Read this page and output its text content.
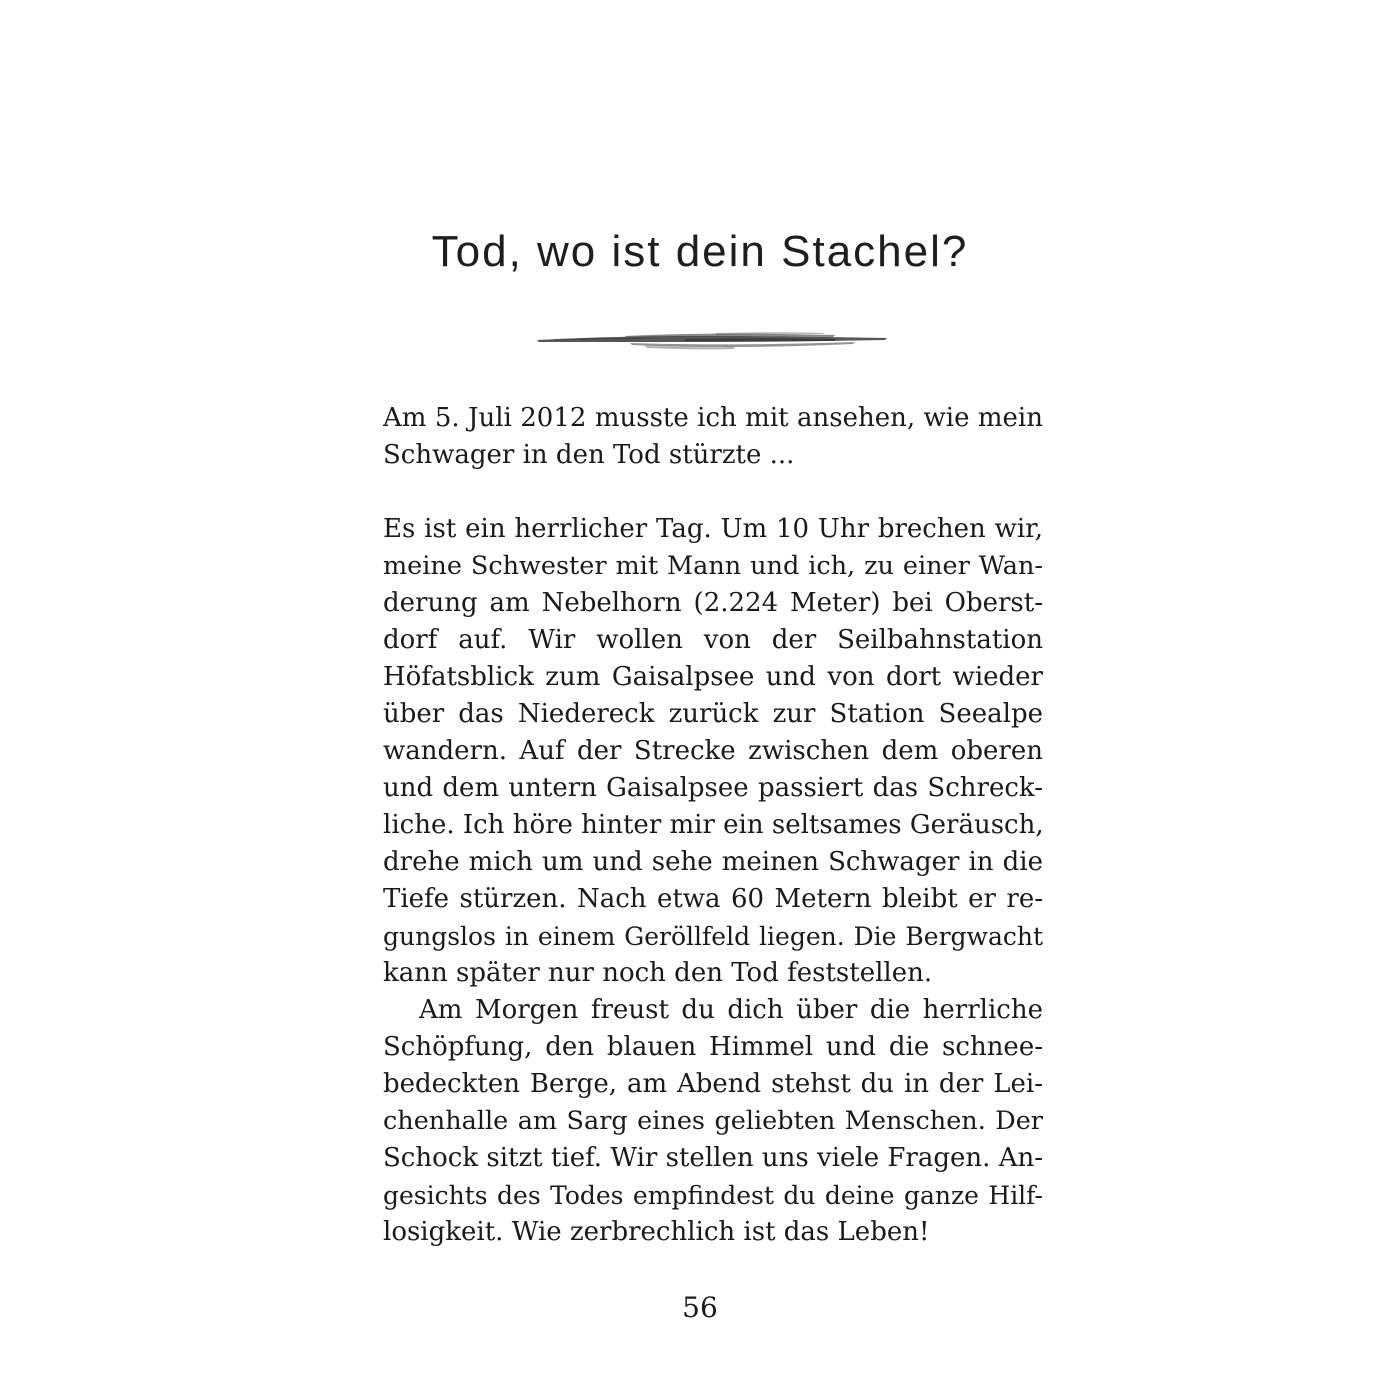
Tod, wo ist dein Stachel?
Am 5. Juli 2012 musste ich mit ansehen, wie mein
Schwager in den Tod stürzte ...
Es ist ein herrlicher Tag. Um 10 Uhr brechen wir,
meine Schwester mit Mann und ich, zu einer Wan-
derung am Nebelhorn (2.224 Meter) bei Oberst-
dorf auf. Wir wollen von der Seilbahnstation
Höfatsblick zum Gaisalpsee und von dort wieder
über das Niedereck zurück zur Station Seealpe
wandern. Auf der Strecke zwischen dem oberen
und dem untern Gaisalpsee passiert das Schreck-
liche. Ich höre hinter mir ein seltsames Geräusch,
drehe mich um und sehe meinen Schwager in die
Tiefe stürzen. Nach etwa 60 Metern bleibt er re-
gungslos in einem Geröllfeld liegen. Die Bergwacht
kann später nur noch den Tod feststellen.
Am Morgen freust du dich über die herrliche
Schöpfung, den blauen Himmel und die schnee-
bedeckten Berge, am Abend stehst du in der Lei-
chenhalle am Sarg eines geliebten Menschen. Der
Schock sitzt tief. Wir stellen uns viele Fragen. An-
gesichts des Todes empfindest du deine ganze Hilf-
losigkeit. Wie zerbrechlich ist das Leben!
56
